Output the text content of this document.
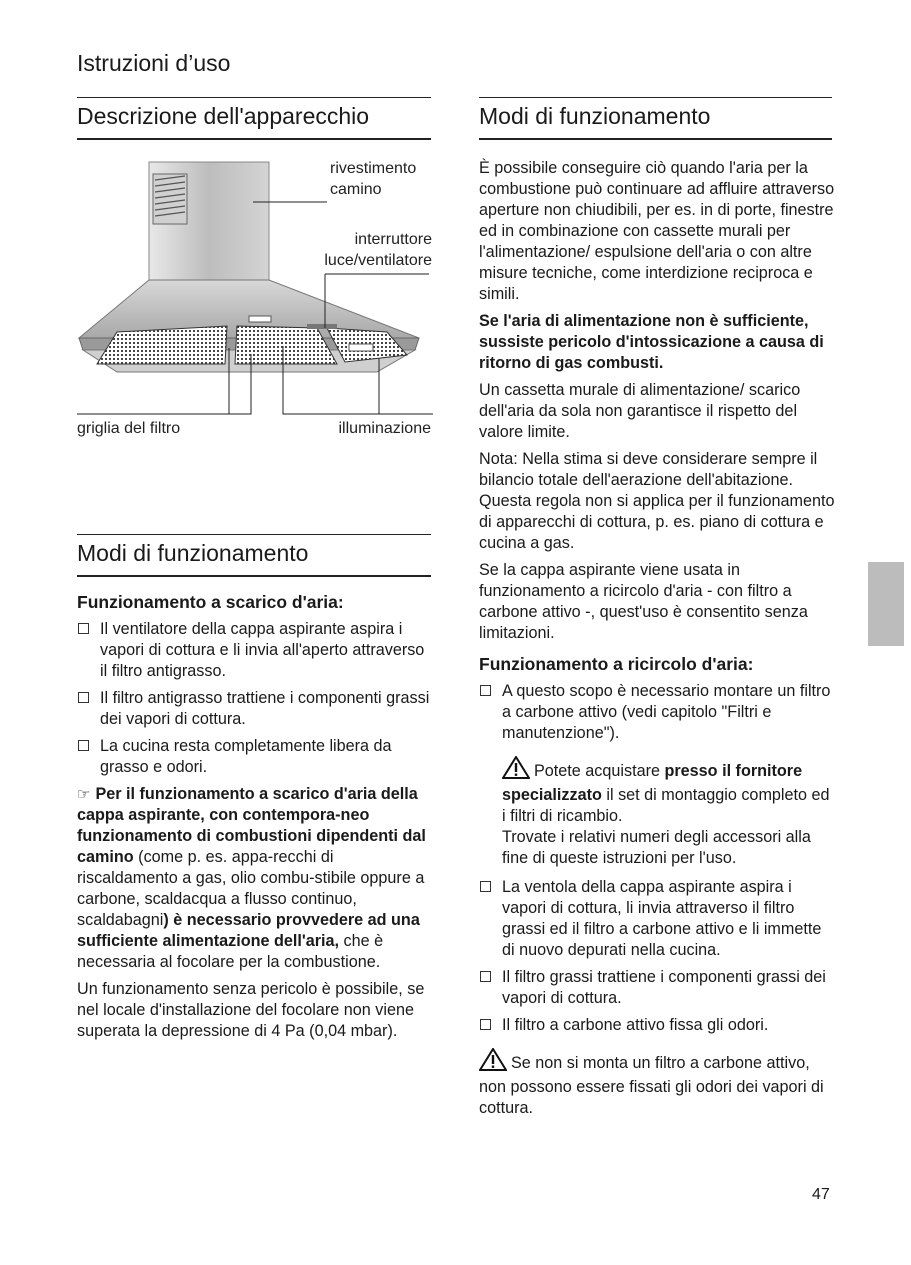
Istruzioni d’uso
Descrizione dell'apparecchio
rivestimento camino
interruttore luce/ventilatore
griglia del filtro	illuminazione
Modi di funzionamento
Funzionamento a scarico d'aria:
Il ventilatore della cappa aspirante aspira i vapori di cottura e li invia all'aperto attraverso il filtro antigrasso.
Il filtro antigrasso trattiene i componenti grassi dei vapori di cottura.
La cucina resta completamente libera da grasso e odori.

☞ Per il funzionamento a scarico d'aria della cappa aspirante, con contempora-neo funzionamento di combustioni dipendenti dal camino (come p. es. appa-recchi di riscaldamento a gas, olio combu-stibile oppure a carbone, scaldacqua a flusso continuo, scaldabagni) è necessario provvedere ad una sufficiente alimentazione dell'aria, che è necessaria al focolare per la combustione.

Un funzionamento senza pericolo è possibile, se nel locale d'installazione del focolare non viene superata la depressione di 4 Pa (0,04 mbar).

Modi di funzionamento

È possibile conseguire ciò quando l'aria per la combustione può continuare ad affluire attraverso aperture non chiudibili, per es. in di porte, finestre ed in combinazione con cassette murali per l'alimentazione/ espulsione dell'aria o con altre misure tecniche, come interdizione reciproca e simili.

Se l'aria di alimentazione non è sufficiente, sussiste pericolo d'intossicazione a causa di ritorno di gas combusti.

Un cassetta murale di alimentazione/ scarico dell'aria da sola non garantisce il rispetto del valore limite.

Nota: Nella stima si deve considerare sempre il bilancio totale dell'aerazione dell'abitazione. Questa regola non si applica per il funzionamento di apparecchi di cottura, p. es. piano di cottura e cucina a gas.

Se la cappa aspirante viene usata in funzionamento a ricircolo d'aria - con filtro a carbone attivo -, quest'uso è consentito senza limitazioni.

Funzionamento a ricircolo d'aria:
A questo scopo è necessario montare un filtro a carbone attivo (vedi capitolo "Filtri e manutenzione").
Potete acquistare presso il fornitore specializzato il set di montaggio completo ed i filtri di ricambio.
Trovate i relativi numeri degli accessori alla fine di queste istruzioni per l'uso.
La ventola della cappa aspirante aspira i vapori di cottura, li invia attraverso il filtro grassi ed il filtro a carbone attivo e li immette di nuovo depurati nella cucina.
Il filtro grassi trattiene i componenti grassi dei vapori di cottura.
Il filtro a carbone attivo fissa gli odori.

Se non si monta un filtro a carbone attivo, non possono essere fissati gli odori dei vapori di cottura.

47
